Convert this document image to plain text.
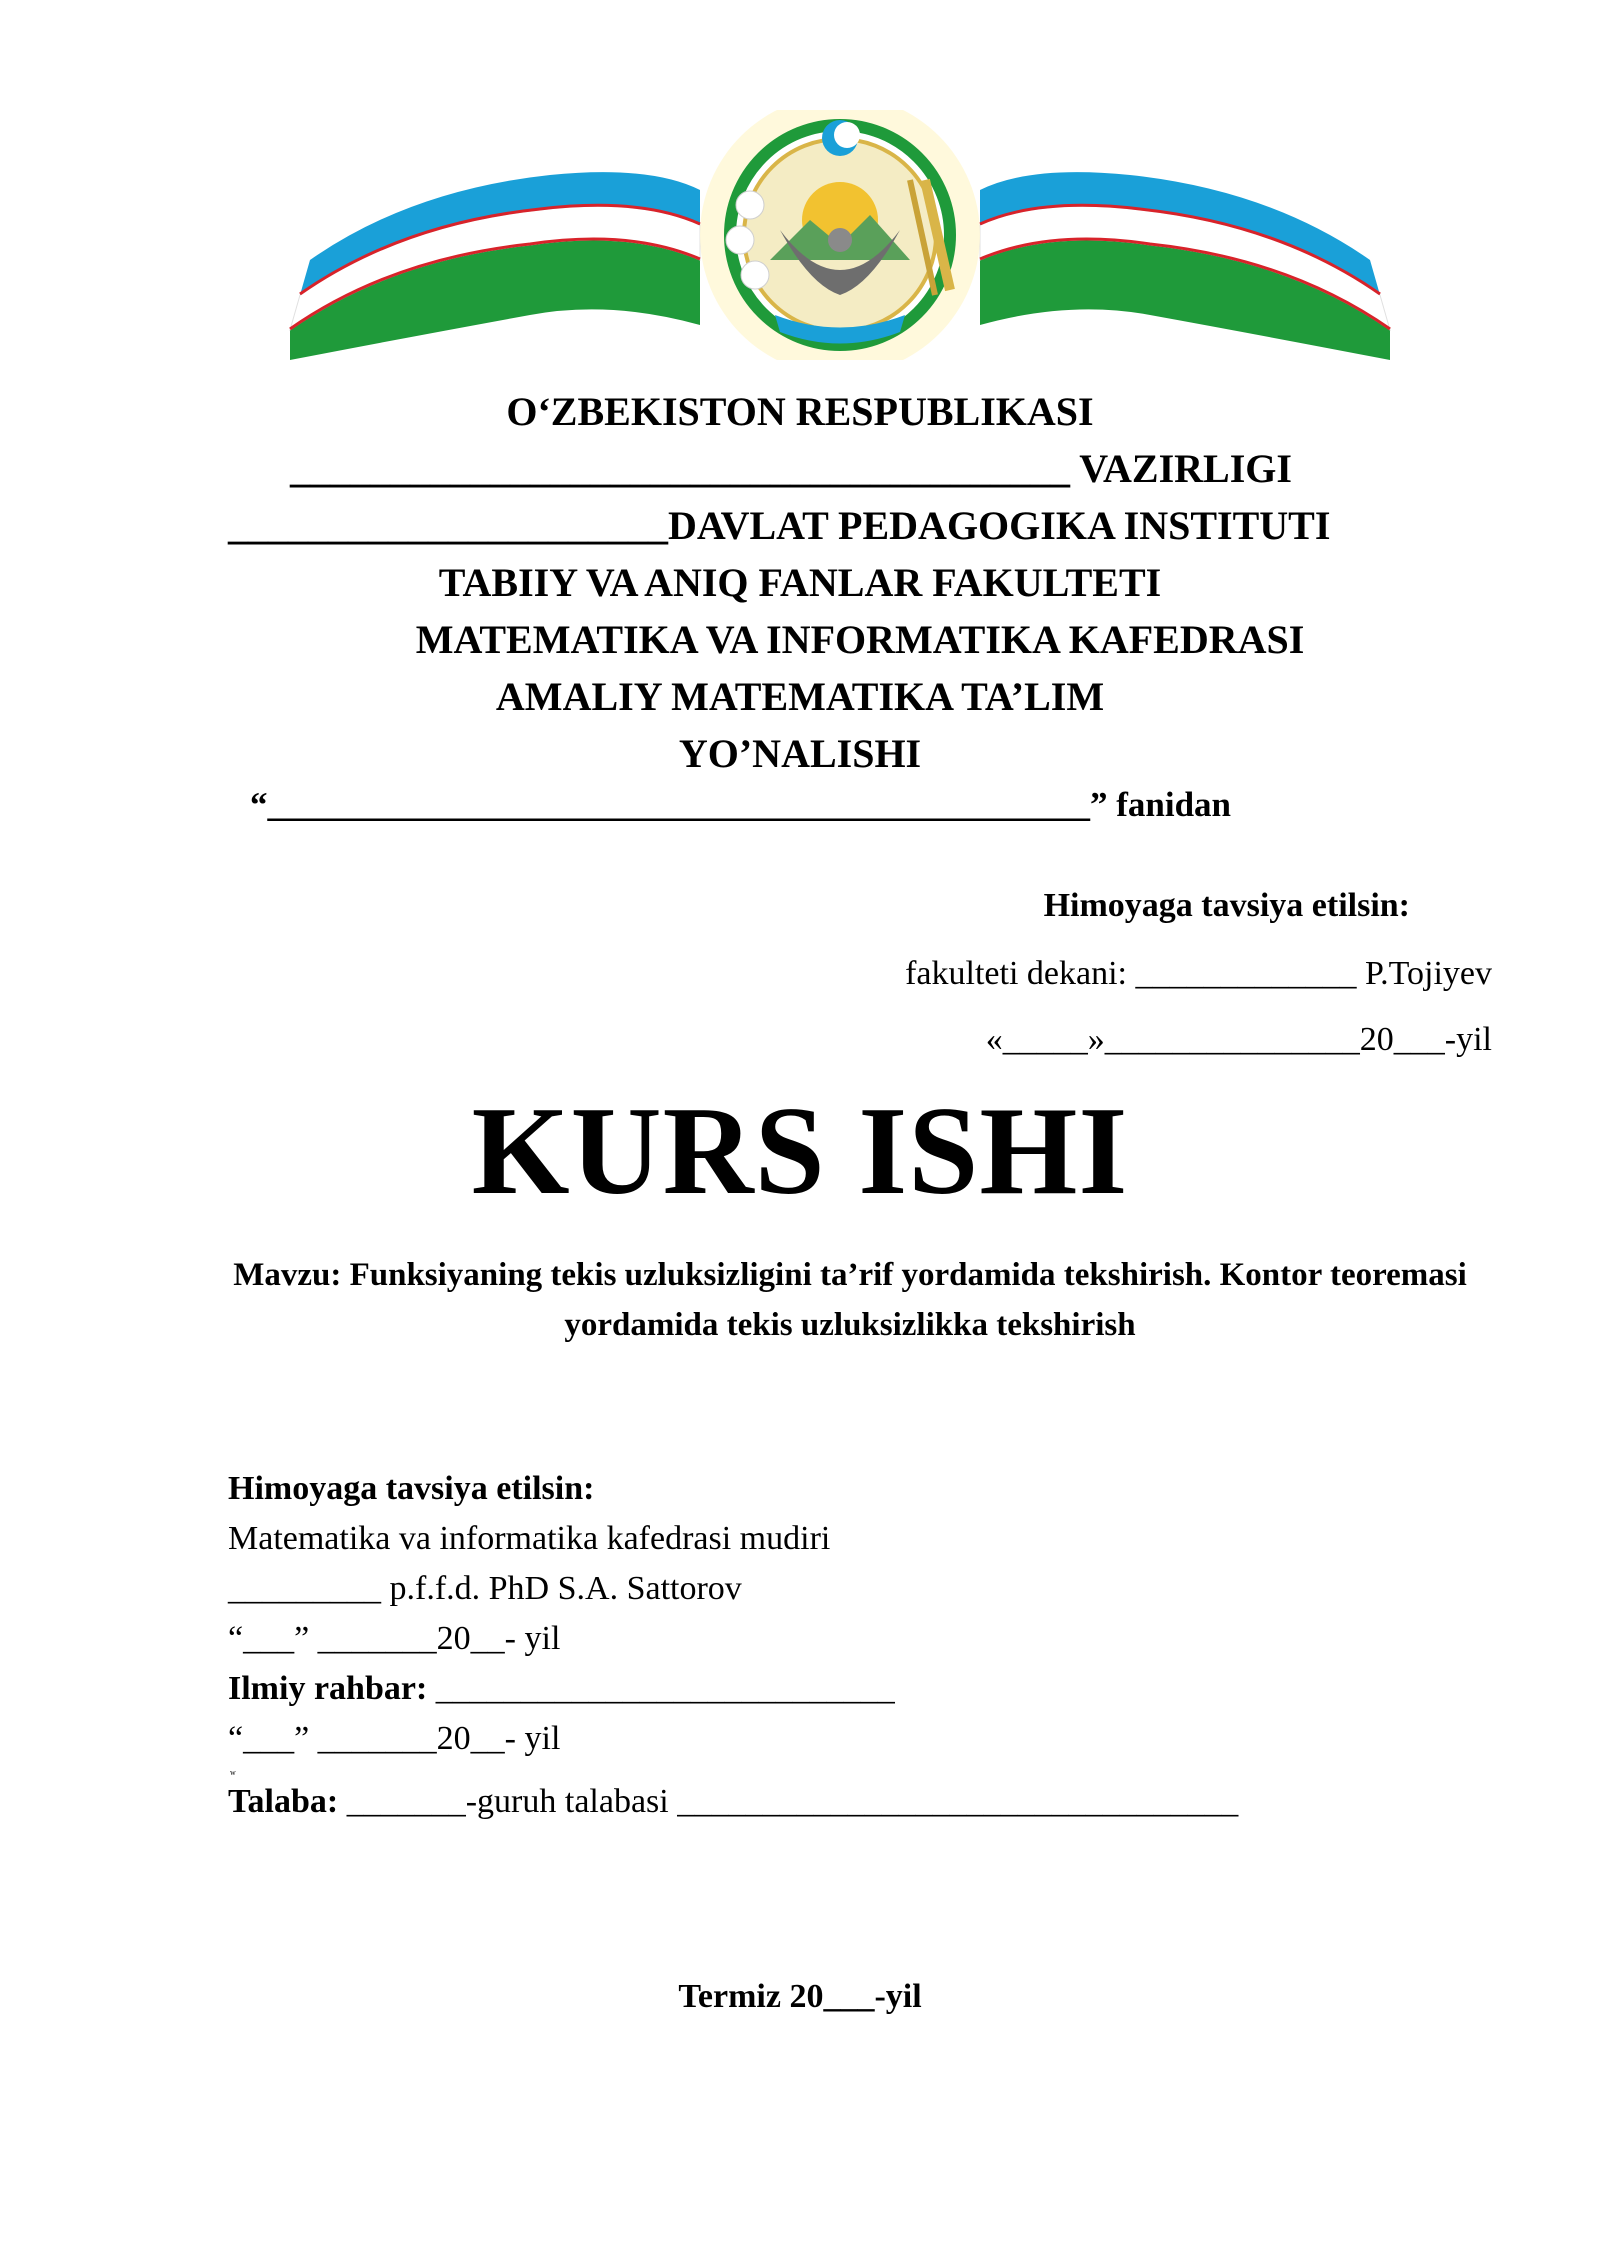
O‘ZBEKISTON RESPUBLIKASI
_______________________________________ VAZIRLIGI
______________________DAVLAT PEDAGOGIKA INSTITUTI
TABIIY VA ANIQ FANLAR FAKULTETI
MATEMATIKA VA INFORMATIKA KAFEDRASI
AMALIY MATEMATIKA TA’LIM
YO’NALISHI
“_______________________________________________” fanidan
Himoyaga tavsiya etilsin:
fakulteti dekani: _____________ P.Tojiyev
«_____»_______________20___-yil
KURS ISHI
Mavzu: Funksiyaning tekis uzluksizligini ta’rif yordamida tekshirish. Kontor teoremasi yordamida tekis uzluksizlikka tekshirish
Himoyaga tavsiya etilsin:
Matematika va informatika kafedrasi mudiri
_________ p.f.f.d. PhD S.A. Sattorov
“___” _______20__- yil
Ilmiy rahbar: ___________________________
“___” _______20__- yil
w
Talaba: _______-guruh talabasi _________________________________
Termiz 20___-yil
